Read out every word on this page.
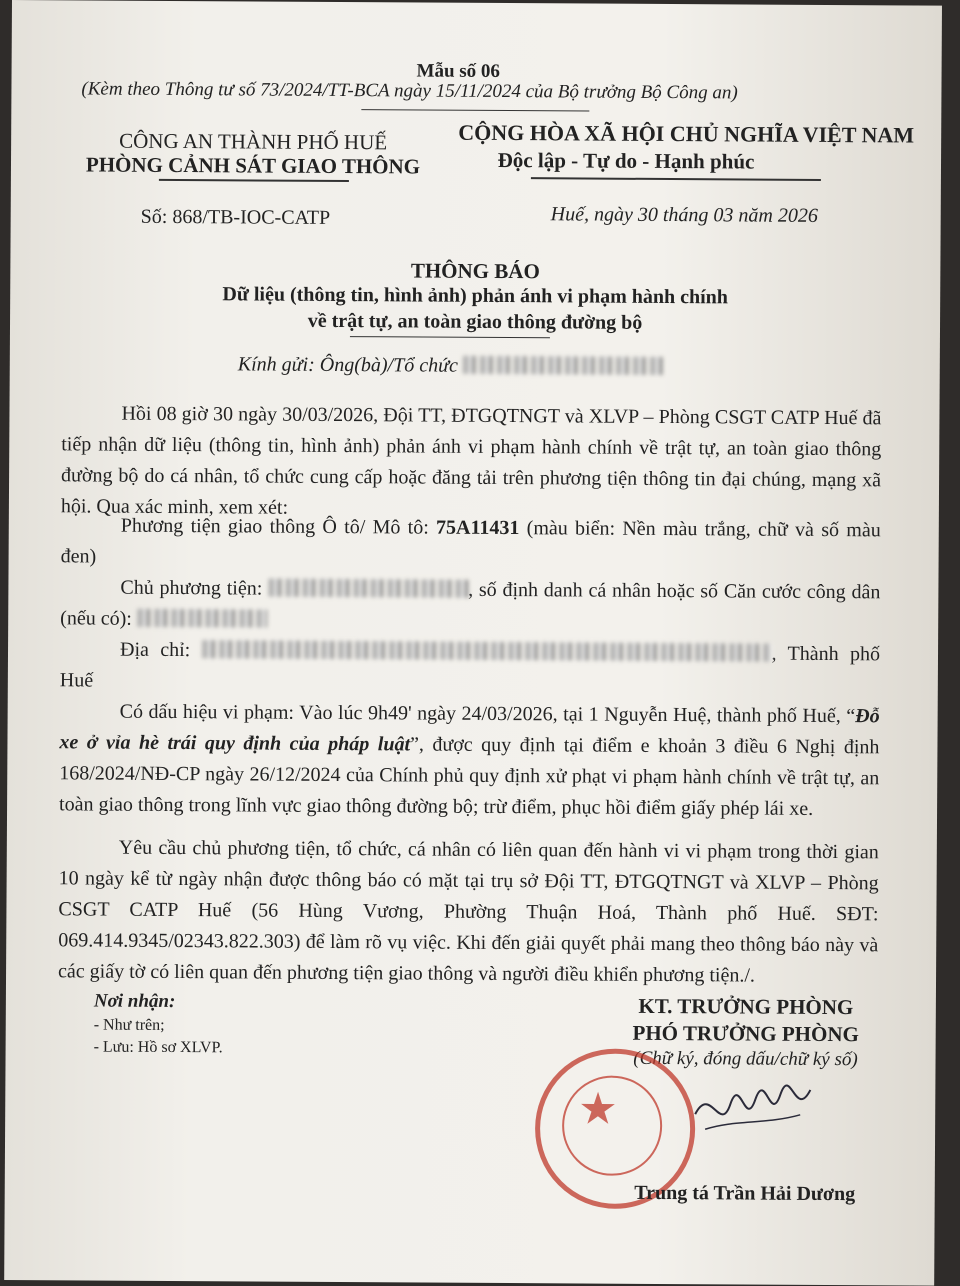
Mẫu số 06
(Kèm theo Thông tư số 73/2024/TT-BCA ngày 15/11/2024 của Bộ trưởng Bộ Công an)
CÔNG AN THÀNH PHỐ HUẾ
PHÒNG CẢNH SÁT GIAO THÔNG
CỘNG HÒA XÃ HỘI CHỦ NGHĨA VIỆT NAM
Độc lập - Tự do - Hạnh phúc
Số: 868/TB-IOC-CATP	Huế, ngày 30 tháng 03 năm 2026
THÔNG BÁO
Dữ liệu (thông tin, hình ảnh) phản ánh vi phạm hành chính
về trật tự, an toàn giao thông đường bộ
Kính gửi: Ông(bà)/Tổ chức
Hồi 08 giờ 30 ngày 30/03/2026, Đội TT, ĐTGQTNGT và XLVP – Phòng CSGT CATP Huế đã tiếp nhận dữ liệu (thông tin, hình ảnh) phản ánh vi phạm hành chính về trật tự, an toàn giao thông đường bộ do cá nhân, tổ chức cung cấp hoặc đăng tải trên phương tiện thông tin đại chúng, mạng xã hội. Qua xác minh, xem xét:
Phương tiện giao thông Ô tô/ Mô tô: 75A11431 (màu biển: Nền màu trắng, chữ và số màu đen)
Chủ phương tiện:	, số định danh cá nhân hoặc số Căn cước công dân (nếu có):
Địa chỉ:	, Thành phố Huế
Có dấu hiệu vi phạm: Vào lúc 9h49' ngày 24/03/2026, tại 1 Nguyễn Huệ, thành phố Huế, “Đỗ xe ở vỉa hè trái quy định của pháp luật”, được quy định tại điểm e khoản 3 điều 6 Nghị định 168/2024/NĐ-CP ngày 26/12/2024 của Chính phủ quy định xử phạt vi phạm hành chính về trật tự, an toàn giao thông trong lĩnh vực giao thông đường bộ; trừ điểm, phục hồi điểm giấy phép lái xe.
Yêu cầu chủ phương tiện, tổ chức, cá nhân có liên quan đến hành vi vi phạm trong thời gian 10 ngày kể từ ngày nhận được thông báo có mặt tại trụ sở Đội TT, ĐTGQTNGT và XLVP – Phòng CSGT CATP Huế (56 Hùng Vương, Phường Thuận Hoá, Thành phố Huế. SĐT: 069.414.9345/02343.822.303) để làm rõ vụ việc. Khi đến giải quyết phải mang theo thông báo này và các giấy tờ có liên quan đến phương tiện giao thông và người điều khiển phương tiện./.
Nơi nhận:
- Như trên;
- Lưu: Hồ sơ XLVP.
KT. TRƯỞNG PHÒNG
PHÓ TRƯỞNG PHÒNG
(Chữ ký, đóng dấu/chữ ký số)
★
Trung tá Trần Hải Dương
